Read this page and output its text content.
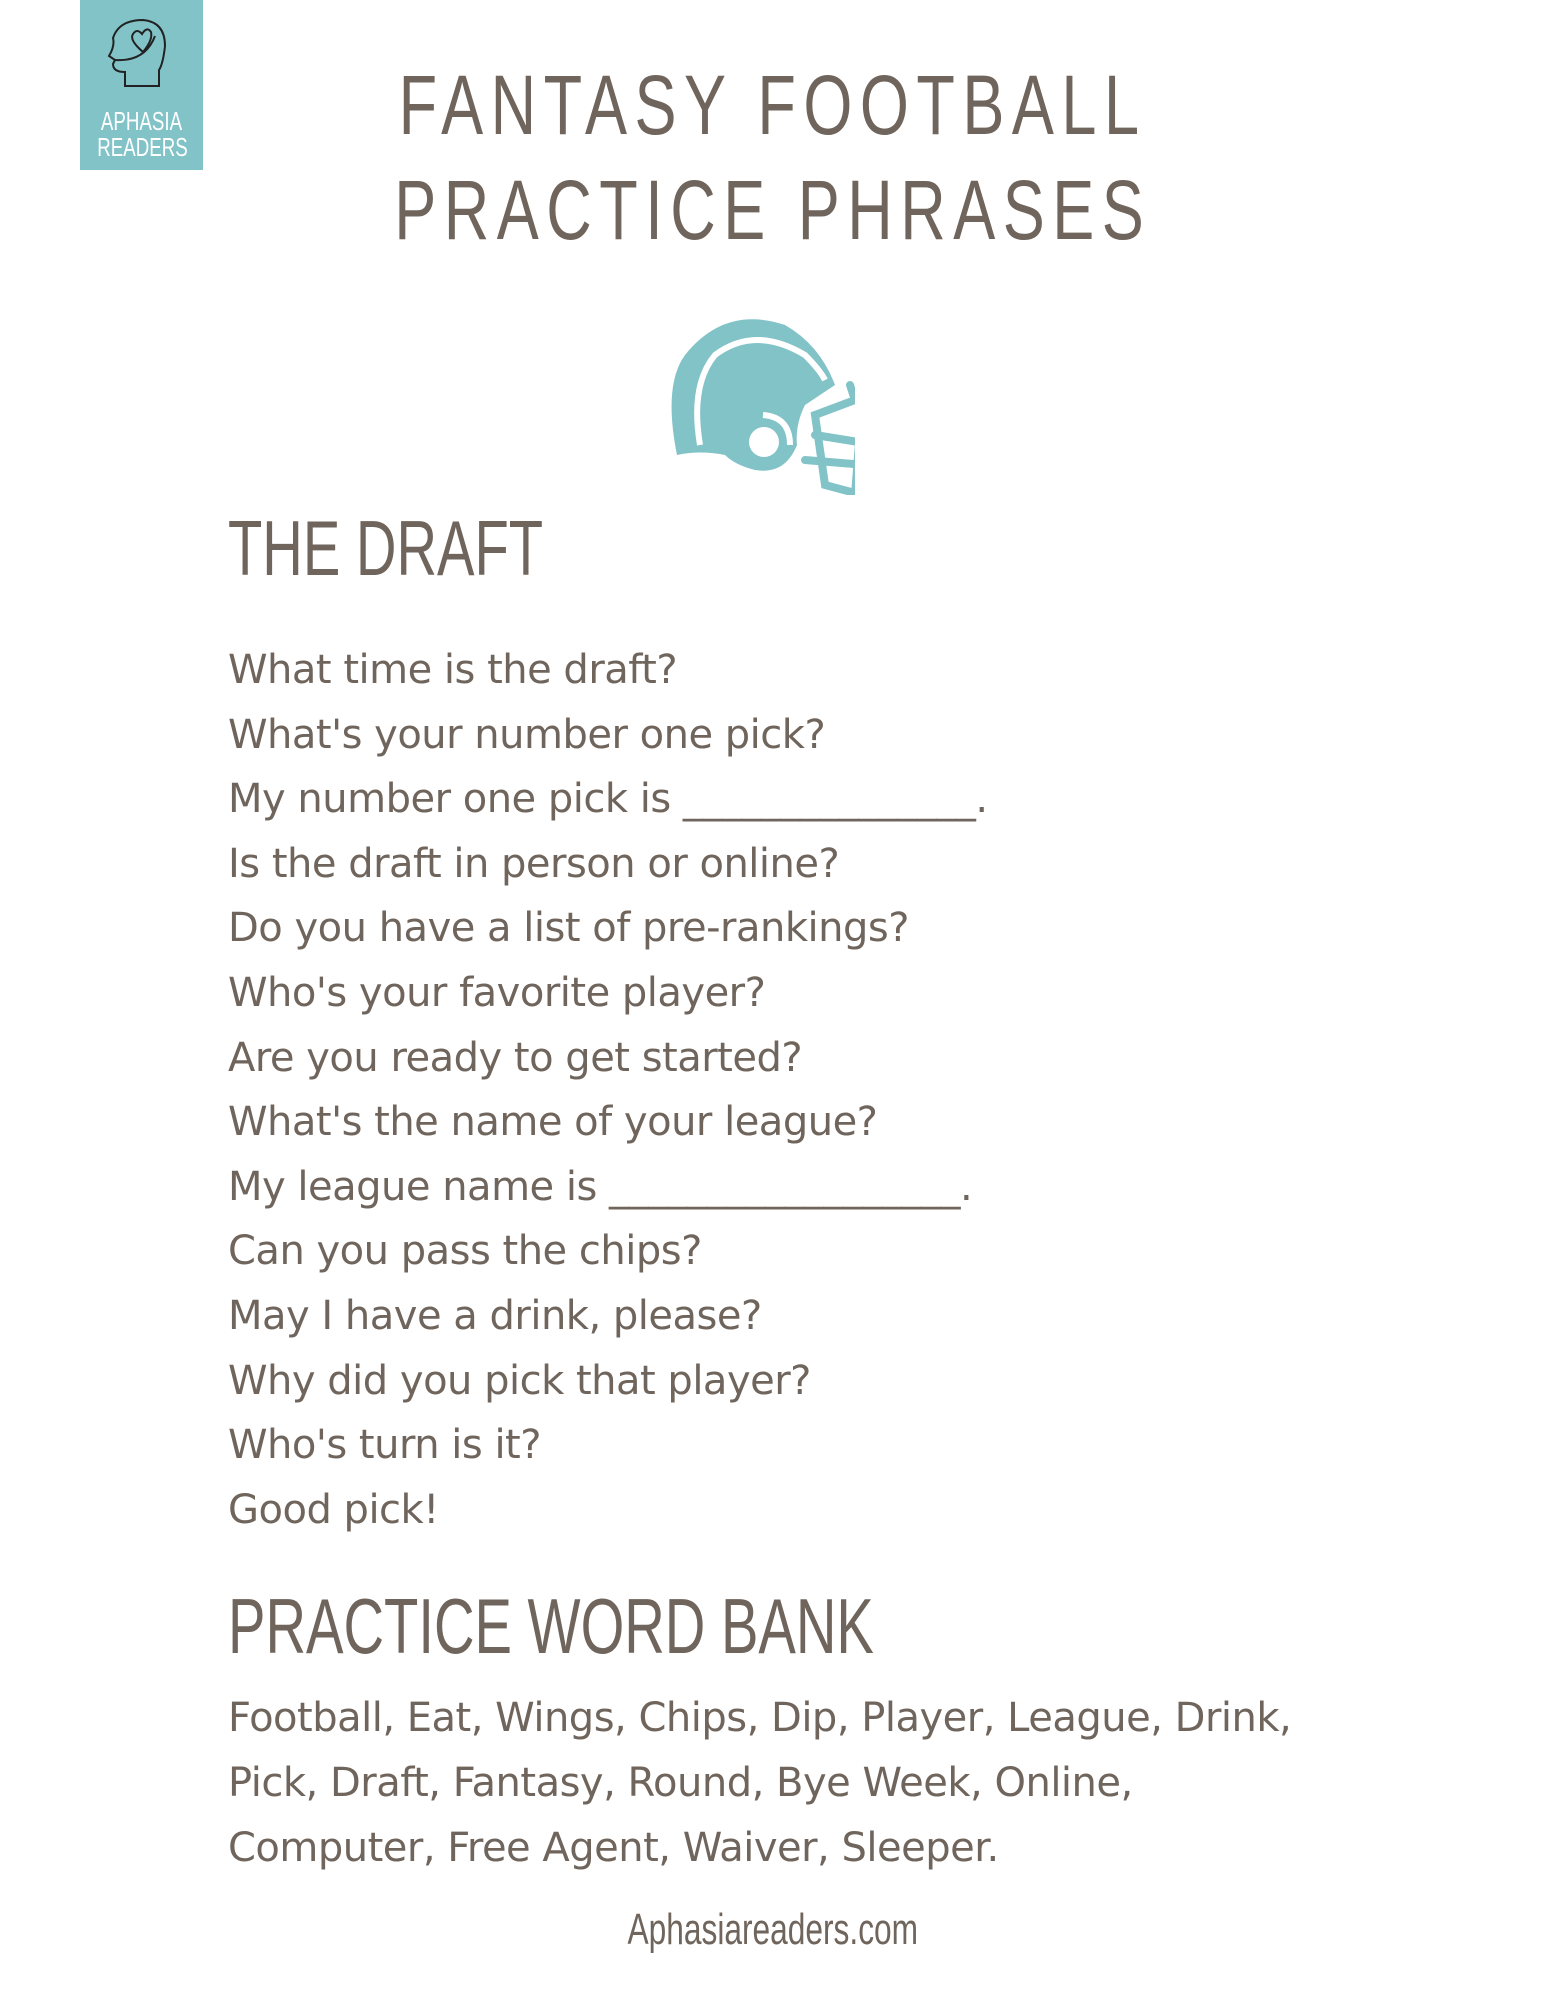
APHASIA
READERS	FANTASY FOOTBALL
PRACTICE PHRASES
THE DRAFT
What time is the draft?
What's your number one pick?
My number one pick is _______________.
Is the draft in person or online?
Do you have a list of pre-rankings?
Who's your favorite player?
Are you ready to get started?
What's the name of your league?
My league name is __________________.
Can you pass the chips?
May I have a drink, please?
Why did you pick that player?
Who's turn is it?
Good pick!
PRACTICE WORD BANK
Football, Eat, Wings, Chips, Dip, Player, League, Drink,
Pick, Draft, Fantasy, Round, Bye Week, Online,
Computer, Free Agent, Waiver, Sleeper.
Aphasiareaders.com
